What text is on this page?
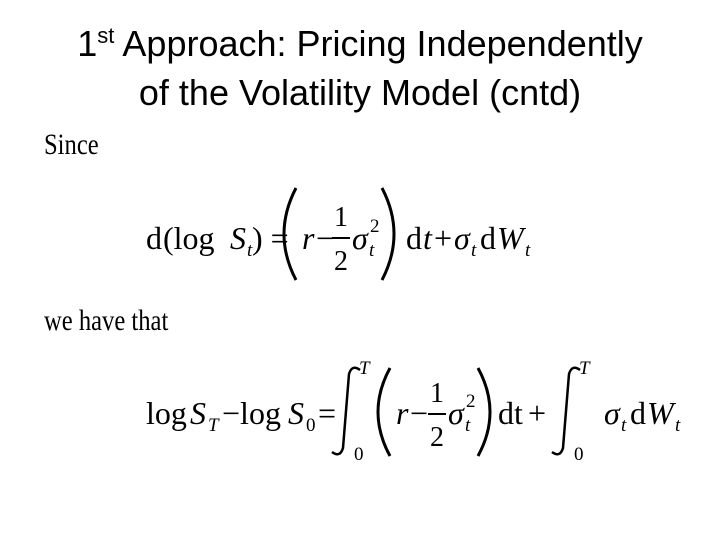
1st Approach: Pricing Independently
of the Volatility Model (cntd)
Since
d (log S t ) = r −
1
2
σ 2
t d t + σ t d W t
we have that
log S T −log S 0 =
T
0
r −
1
2
σ 2
t dt +
T
0
σ t d W t
